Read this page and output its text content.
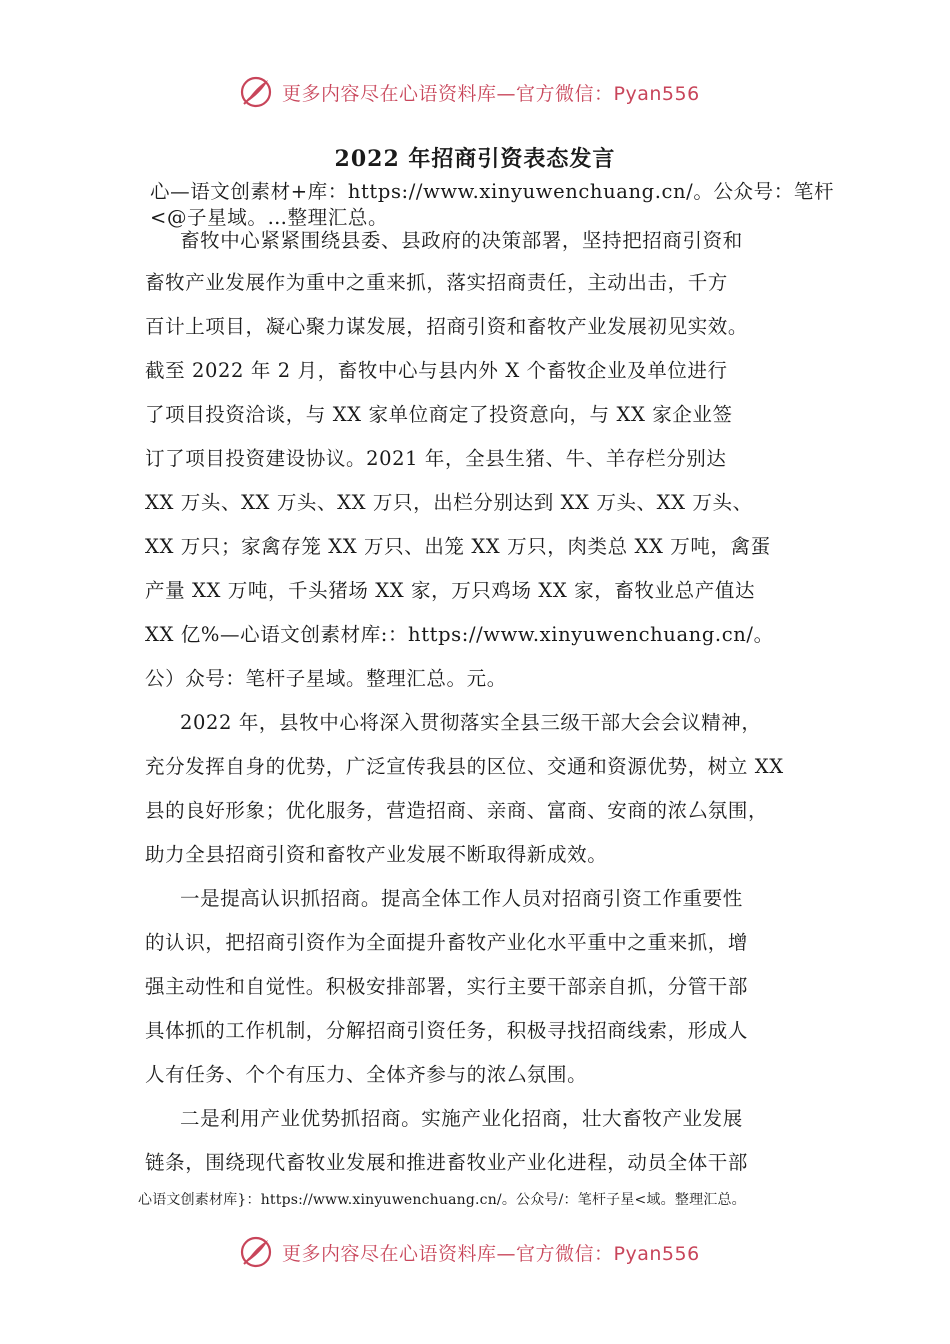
更多内容尽在心语资料库—官方微信：Pyan556
2022 年招商引资表态发言
心—语文创素材+库：https://www.xinyuwenchuang.cn/。公众号：笔杆
<@子星域。…整理汇总。
畜牧中心紧紧围绕县委、县政府的决策部署，坚持把招商引资和
畜牧产业发展作为重中之重来抓，落实招商责任，主动出击，千方
百计上项目，凝心聚力谋发展，招商引资和畜牧产业发展初见实效。
截至 2022 年 2 月，畜牧中心与县内外 X 个畜牧企业及单位进行
了项目投资洽谈，与 XX 家单位商定了投资意向，与 XX 家企业签
订了项目投资建设协议。2021 年，全县生猪、牛、羊存栏分别达
XX 万头、XX 万头、XX 万只，出栏分别达到 XX 万头、XX 万头、
XX 万只；家禽存笼 XX 万只、出笼 XX 万只，肉类总 XX 万吨，禽蛋
产量 XX 万吨，千头猪场 XX 家，万只鸡场 XX 家，畜牧业总产值达
XX 亿%—心语文创素材库:：https://www.xinyuwenchuang.cn/。
公）众号：笔杆子星域。整理汇总。元。
2022 年，县牧中心将深入贯彻落实全县三级干部大会会议精神，
充分发挥自身的优势，广泛宣传我县的区位、交通和资源优势，树立 XX
县的良好形象；优化服务，营造招商、亲商、富商、安商的浓厶氛围，
助力全县招商引资和畜牧产业发展不断取得新成效。
一是提高认识抓招商。提高全体工作人员对招商引资工作重要性
的认识，把招商引资作为全面提升畜牧产业化水平重中之重来抓，增
强主动性和自觉性。积极安排部署，实行主要干部亲自抓，分管干部
具体抓的工作机制，分解招商引资任务，积极寻找招商线索，形成人
人有任务、个个有压力、全体齐参与的浓厶氛围。
二是利用产业优势抓招商。实施产业化招商，壮大畜牧产业发展
链条，围绕现代畜牧业发展和推进畜牧业产业化进程，动员全体干部
心语文创素材库}：https://www.xinyuwenchuang.cn/。公众号/：笔杆子星<域。整理汇总。
更多内容尽在心语资料库—官方微信：Pyan556
